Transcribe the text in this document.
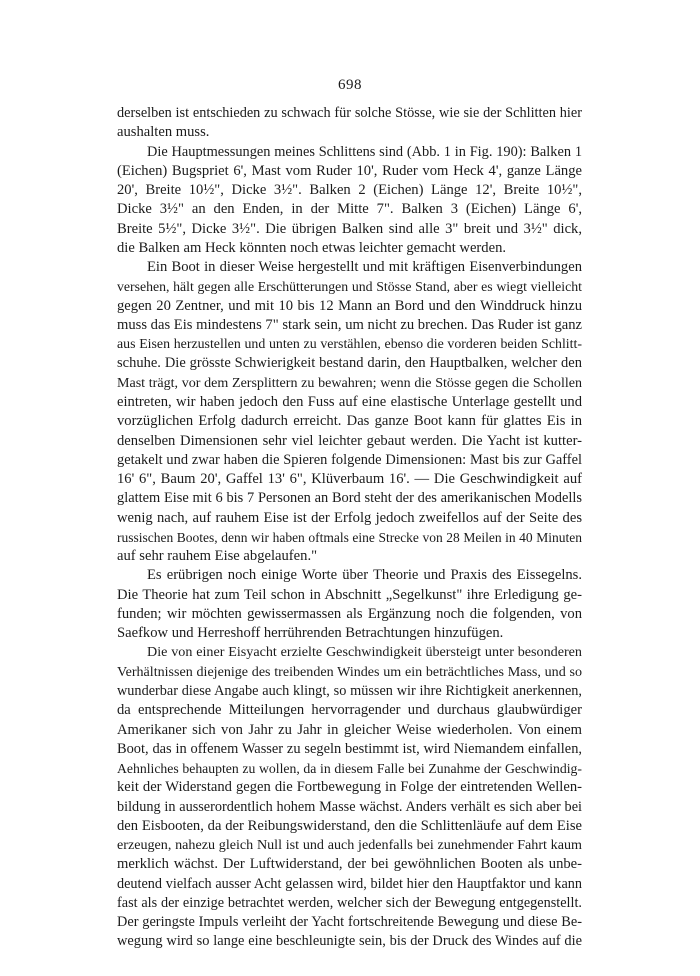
698
derselben ist entschieden zu schwach für solche Stösse, wie sie der Schlitten hier
aushalten muss.
Die Hauptmessungen meines Schlittens sind (Abb. 1 in Fig. 190): Balken 1
(Eichen) Bugspriet 6', Mast vom Ruder 10', Ruder vom Heck 4', ganze Länge
20', Breite 10½", Dicke 3½". Balken 2 (Eichen) Länge 12', Breite 10½",
Dicke 3½" an den Enden, in der Mitte 7". Balken 3 (Eichen) Länge 6',
Breite 5½", Dicke 3½". Die übrigen Balken sind alle 3" breit und 3½" dick,
die Balken am Heck könnten noch etwas leichter gemacht werden.
Ein Boot in dieser Weise hergestellt und mit kräftigen Eisenverbindungen
versehen, hält gegen alle Erschütterungen und Stösse Stand, aber es wiegt vielleicht
gegen 20 Zentner, und mit 10 bis 12 Mann an Bord und den Winddruck hinzu
muss das Eis mindestens 7" stark sein, um nicht zu brechen. Das Ruder ist ganz
aus Eisen herzustellen und unten zu verstählen, ebenso die vorderen beiden Schlitt-
schuhe. Die grösste Schwierigkeit bestand darin, den Hauptbalken, welcher den
Mast trägt, vor dem Zersplittern zu bewahren; wenn die Stösse gegen die Schollen
eintreten, wir haben jedoch den Fuss auf eine elastische Unterlage gestellt und
vorzüglichen Erfolg dadurch erreicht. Das ganze Boot kann für glattes Eis in
denselben Dimensionen sehr viel leichter gebaut werden. Die Yacht ist kutter-
getakelt und zwar haben die Spieren folgende Dimensionen: Mast bis zur Gaffel
16' 6", Baum 20', Gaffel 13' 6", Klüverbaum 16'. — Die Geschwindigkeit auf
glattem Eise mit 6 bis 7 Personen an Bord steht der des amerikanischen Modells
wenig nach, auf rauhem Eise ist der Erfolg jedoch zweifellos auf der Seite des
russischen Bootes, denn wir haben oftmals eine Strecke von 28 Meilen in 40 Minuten
auf sehr rauhem Eise abgelaufen."
Es erübrigen noch einige Worte über Theorie und Praxis des Eissegelns.
Die Theorie hat zum Teil schon in Abschnitt „Segelkunst" ihre Erledigung ge-
funden; wir möchten gewissermassen als Ergänzung noch die folgenden, von
Saefkow und Herreshoff herrührenden Betrachtungen hinzufügen.
Die von einer Eisyacht erzielte Geschwindigkeit übersteigt unter besonderen
Verhältnissen diejenige des treibenden Windes um ein beträchtliches Mass, und so
wunderbar diese Angabe auch klingt, so müssen wir ihre Richtigkeit anerkennen,
da entsprechende Mitteilungen hervorragender und durchaus glaubwürdiger
Amerikaner sich von Jahr zu Jahr in gleicher Weise wiederholen. Von einem
Boot, das in offenem Wasser zu segeln bestimmt ist, wird Niemandem einfallen,
Aehnliches behaupten zu wollen, da in diesem Falle bei Zunahme der Geschwindig-
keit der Widerstand gegen die Fortbewegung in Folge der eintretenden Wellen-
bildung in ausserordentlich hohem Masse wächst. Anders verhält es sich aber bei
den Eisbooten, da der Reibungswiderstand, den die Schlittenläufe auf dem Eise
erzeugen, nahezu gleich Null ist und auch jedenfalls bei zunehmender Fahrt kaum
merklich wächst. Der Luftwiderstand, der bei gewöhnlichen Booten als unbe-
deutend vielfach ausser Acht gelassen wird, bildet hier den Hauptfaktor und kann
fast als der einzige betrachtet werden, welcher sich der Bewegung entgegenstellt.
Der geringste Impuls verleiht der Yacht fortschreitende Bewegung und diese Be-
wegung wird so lange eine beschleunigte sein, bis der Druck des Windes auf die
